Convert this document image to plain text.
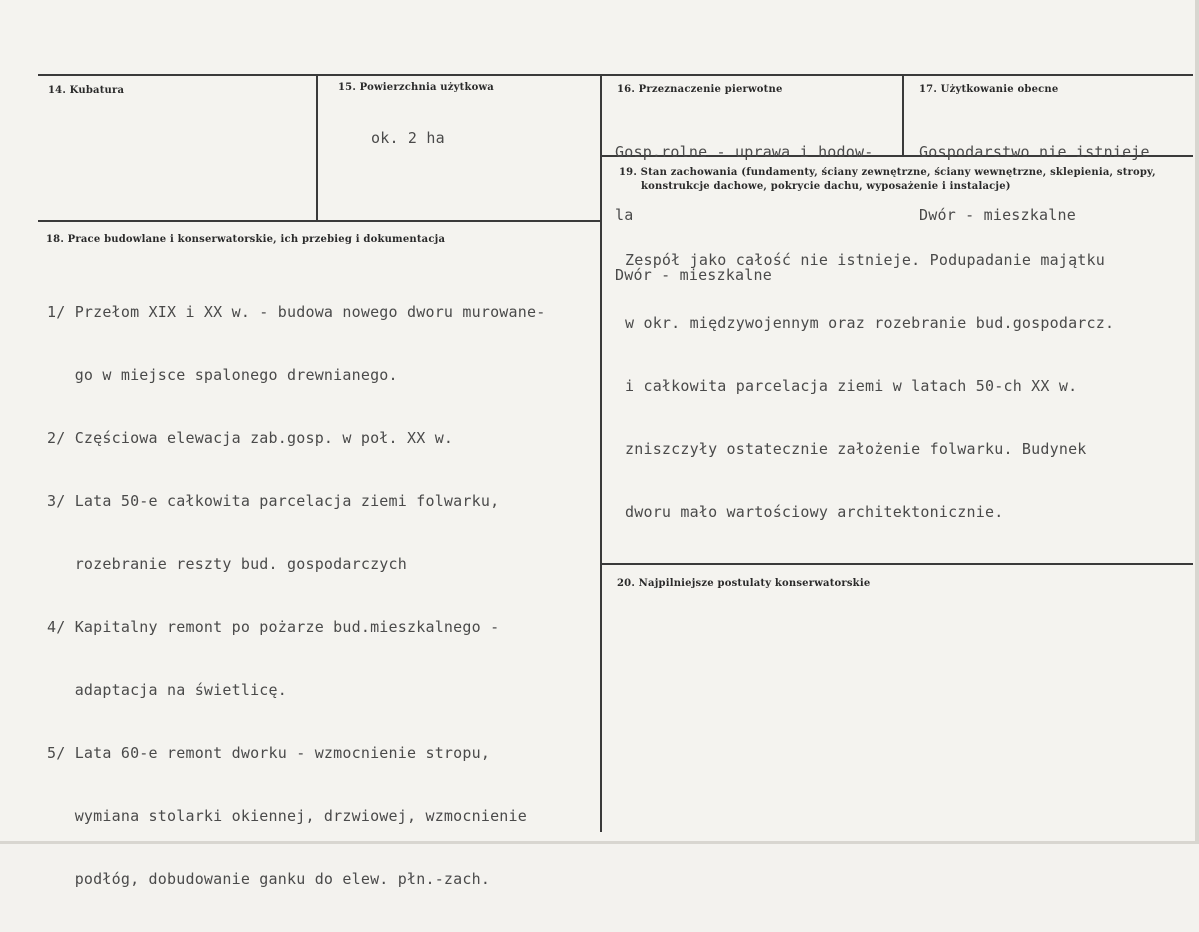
14. Kubatura	15. Powierzchnia użytkowa
ok. 2 ha
16. Przeznaczenie pierwotne

Gosp.rolne - uprawa i hodow-

la

Dwór - mieszkalne

17. Użytkowanie obecne

Gospodarstwo nie istnieje

Dwór - mieszkalne

19. Stan zachowania (fundamenty, ściany zewnętrzne, ściany wewnętrzne, sklepienia, stropy,
konstrukcje dachowe, pokrycie dachu, wyposażenie i instalacje)

Zespół jako całość nie istnieje. Podupadanie majątku

w okr. międzywojennym oraz rozebranie bud.gospodarcz.

i całkowita parcelacja ziemi w latach 50-ch XX w.

zniszczyły ostatecznie założenie folwarku. Budynek

dworu mało wartościowy architektonicznie.

18. Prace budowlane i konserwatorskie, ich przebieg i dokumentacja

1/ Przełom XIX i XX w. - budowa nowego dworu murowane-

go w miejsce spalonego drewnianego.

2/ Częściowa elewacja zab.gosp. w poł. XX w.

3/ Lata 50-e całkowita parcelacja ziemi folwarku,

rozebranie reszty bud. gospodarczych

4/ Kapitalny remont po pożarze bud.mieszkalnego -

adaptacja na świetlicę.

5/ Lata 60-e remont dworku - wzmocnienie stropu,

wymiana stolarki okiennej, drzwiowej, wzmocnienie

podłóg, dobudowanie ganku do elew. płn.-zach.

20. Najpilniejsze postulaty konserwatorskie
